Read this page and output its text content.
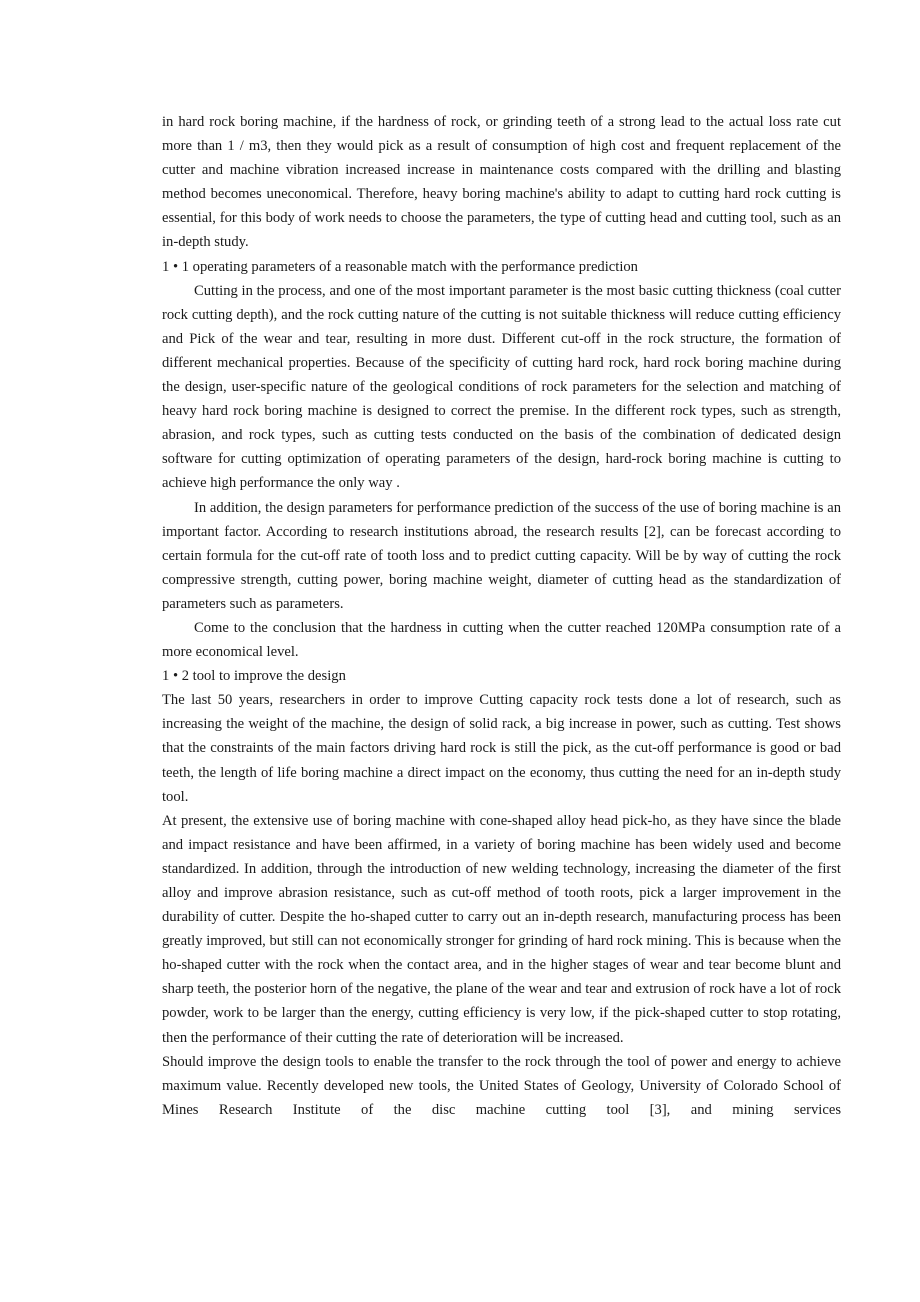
in hard rock boring machine, if the hardness of rock, or grinding teeth of a strong lead to the actual loss rate cut more than 1 / m3, then they would pick as a result of consumption of high cost and frequent replacement of the cutter and machine vibration increased increase in maintenance costs compared with the drilling and blasting method becomes uneconomical. Therefore, heavy boring machine's ability to adapt to cutting hard rock cutting is essential, for this body of work needs to choose the parameters, the type of cutting head and cutting tool, such as an in-depth study.

1 • 1 operating parameters of a reasonable match with the performance prediction

Cutting in the process, and one of the most important parameter is the most basic cutting thickness (coal cutter rock cutting depth), and the rock cutting nature of the cutting is not suitable thickness will reduce cutting efficiency and Pick of the wear and tear, resulting in more dust. Different cut-off in the rock structure, the formation of different mechanical properties. Because of the specificity of cutting hard rock, hard rock boring machine during the design, user-specific nature of the geological conditions of rock parameters for the selection and matching of heavy hard rock boring machine is designed to correct the premise. In the different rock types, such as strength, abrasion, and rock types, such as cutting tests conducted on the basis of the combination of dedicated design software for cutting optimization of operating parameters of the design, hard-rock boring machine is cutting to achieve high performance the only way .

In addition, the design parameters for performance prediction of the success of the use of boring machine is an important factor. According to research institutions abroad, the research results [2], can be forecast according to certain formula for the cut-off rate of tooth loss and to predict cutting capacity. Will be by way of cutting the rock compressive strength, cutting power, boring machine weight, diameter of cutting head as the standardization of parameters such as parameters.

Come to the conclusion that the hardness in cutting when the cutter reached 120MPa consumption rate of a more economical level.

1 • 2 tool to improve the design

The last 50 years, researchers in order to improve Cutting capacity rock tests done a lot of research, such as increasing the weight of the machine, the design of solid rack, a big increase in power, such as cutting. Test shows that the constraints of the main factors driving hard rock is still the pick, as the cut-off performance is good or bad teeth, the length of life boring machine a direct impact on the economy, thus cutting the need for an in-depth study tool.

At present, the extensive use of boring machine with cone-shaped alloy head pick-ho, as they have since the blade and impact resistance and have been affirmed, in a variety of boring machine has been widely used and become standardized. In addition, through the introduction of new welding technology, increasing the diameter of the first alloy and improve abrasion resistance, such as cut-off method of tooth roots, pick a larger improvement in the durability of cutter. Despite the ho-shaped cutter to carry out an in-depth research, manufacturing process has been greatly improved, but still can not economically stronger for grinding of hard rock mining. This is because when the ho-shaped cutter with the rock when the contact area, and in the higher stages of wear and tear become blunt and sharp teeth, the posterior horn of the negative, the plane of the wear and tear and extrusion of rock have a lot of rock powder, work to be larger than the energy, cutting efficiency is very low, if the pick-shaped cutter to stop rotating, then the performance of their cutting the rate of deterioration will be increased.

Should improve the design tools to enable the transfer to the rock through the tool of power and energy to achieve maximum value. Recently developed new tools, the United States of Geology, University of Colorado School of Mines Research Institute of the disc machine cutting tool [3], and mining services
